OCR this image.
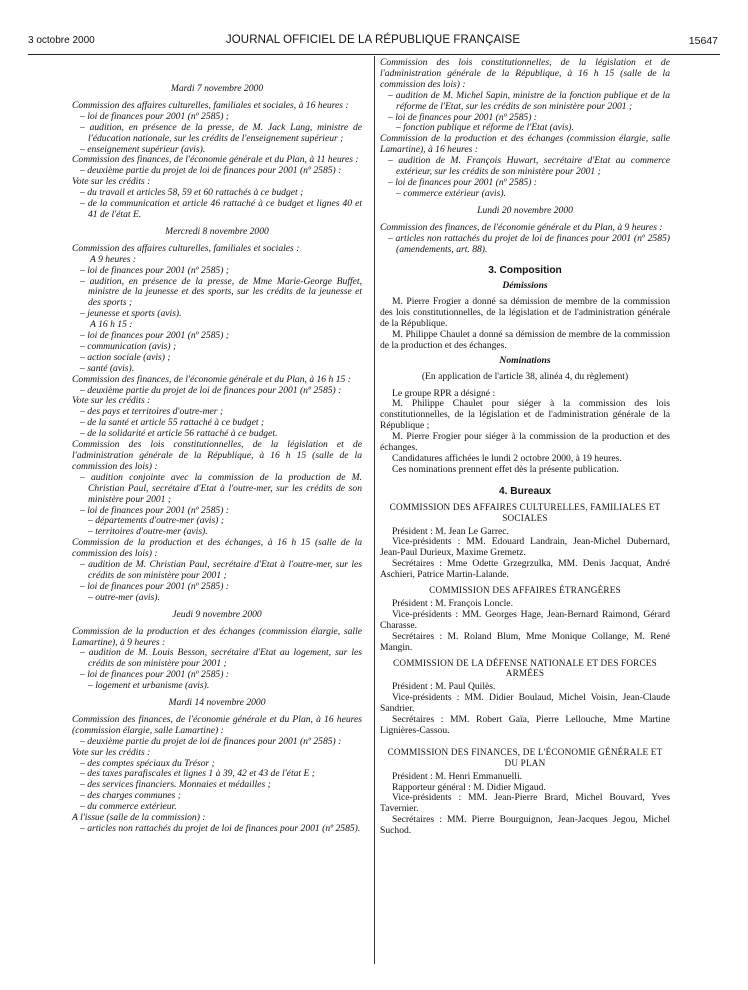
3 octobre 2000	JOURNAL OFFICIEL DE LA RÉPUBLIQUE FRANÇAISE	15647
Mardi 7 novembre 2000
Commission des affaires culturelles, familiales et sociales, à 16 heures :
– loi de finances pour 2001 (nº 2585) ;
– audition, en présence de la presse, de M. Jack Lang, ministre de l'éducation nationale, sur les crédits de l'enseignement supérieur ;
– enseignement supérieur (avis).
Commission des finances, de l'économie générale et du Plan, à 11 heures :
– deuxième partie du projet de loi de finances pour 2001 (nº 2585) :
Vote sur les crédits :
– du travail et articles 58, 59 et 60 rattachés à ce budget ;
– de la communication et article 46 rattaché à ce budget et lignes 40 et 41 de l'état E.
Mercredi 8 novembre 2000
Commission des affaires culturelles, familiales et sociales :
A 9 heures :
– loi de finances pour 2001 (nº 2585) ;
– audition, en présence de la presse, de Mme Marie-George Buffet, ministre de la jeunesse et des sports, sur les crédits de la jeunesse et des sports ;
– jeunesse et sports (avis).
A 16 h 15 :
– loi de finances pour 2001 (nº 2585) ;
– communication (avis) ;
– action sociale (avis) ;
– santé (avis).
Commission des finances, de l'économie générale et du Plan, à 16 h 15 :
– deuxième partie du projet de loi de finances pour 2001 (nº 2585) :
Vote sur les crédits :
– des pays et territoires d'outre-mer ;
– de la santé et article 55 rattaché à ce budget ;
– de la solidarité et article 56 rattaché à ce budget.
Commission des lois constitutionnelles, de la législation et de l'administration générale de la République, à 16 h 15 (salle de la commission des lois) :
– audition conjointe avec la commission de la production de M. Christian Paul, secrétaire d'Etat à l'outre-mer, sur les crédits de son ministère pour 2001 ;
– loi de finances pour 2001 (nº 2585) :
– départements d'outre-mer (avis) ;
– territoires d'outre-mer (avis).
Commission de la production et des échanges, à 16 h 15 (salle de la commission des lois) :
– audition de M. Christian Paul, secrétaire d'Etat à l'outre-mer, sur les crédits de son ministère pour 2001 ;
– loi de finances pour 2001 (nº 2585) :
– outre-mer (avis).
Jeudi 9 novembre 2000
Commission de la production et des échanges (commission élargie, salle Lamartine), à 9 heures :
– audition de M. Louis Besson, secrétaire d'Etat au logement, sur les crédits de son ministère pour 2001 ;
– loi de finances pour 2001 (nº 2585) :
– logement et urbanisme (avis).
Mardi 14 novembre 2000
Commission des finances, de l'économie générale et du Plan, à 16 heures (commission élargie, salle Lamartine) :
– deuxième partie du projet de loi de finances pour 2001 (nº 2585) :
Vote sur les crédits :
– des comptes spéciaux du Trésor ;
– des taxes parafiscales et lignes 1 à 39, 42 et 43 de l'état E ;
– des services financiers. Monnaies et médailles ;
– des charges communes ;
– du commerce extérieur.
A l'issue (salle de la commission) :
– articles non rattachés du projet de loi de finances pour 2001 (nº 2585).
Commission des lois constitutionnelles, de la législation et de l'administration générale de la République, à 16 h 15 (salle de la commission des lois) :
– audition de M. Michel Sapin, ministre de la fonction publique et de la réforme de l'Etat, sur les crédits de son ministère pour 2001 ;
– loi de finances pour 2001 (nº 2585) :
– fonction publique et réforme de l'Etat (avis).
Commission de la production et des échanges (commission élargie, salle Lamartine), à 16 heures :
– audition de M. François Huwart, secrétaire d'Etat au commerce extérieur, sur les crédits de son ministère pour 2001 ;
– loi de finances pour 2001 (nº 2585) :
– commerce extérieur (avis).
Lundi 20 novembre 2000
Commission des finances, de l'économie générale et du Plan, à 9 heures :
– articles non rattachés du projet de loi de finances pour 2001 (nº 2585) (amendements, art. 88).
3. Composition
Démissions
M. Pierre Frogier a donné sa démission de membre de la commission des lois constitutionnelles, de la législation et de l'administration générale de la République.
M. Philippe Chaulet a donné sa démission de membre de la commission de la production et des échanges.
Nominations
(En application de l'article 38, alinéa 4, du règlement)
Le groupe RPR a désigné :
M. Philippe Chaulet pour siéger à la commission des lois constitutionnelles, de la législation et de l'administration générale de la République ;
M. Pierre Frogier pour siéger à la commission de la production et des échanges.
Candidatures affichées le lundi 2 octobre 2000, à 19 heures.
Ces nominations prennent effet dès la présente publication.
4. Bureaux
COMMISSION DES AFFAIRES CULTURELLES, FAMILIALES ET SOCIALES
Président : M. Jean Le Garrec.
Vice-présidents : MM. Edouard Landrain, Jean-Michel Dubernard, Jean-Paul Durieux, Maxime Gremetz.
Secrétaires : Mme Odette Grzegrzulka, MM. Denis Jacquat, André Aschieri, Patrice Martin-Lalande.
COMMISSION DES AFFAIRES ÉTRANGÈRES
Président : M. François Loncle.
Vice-présidents : MM. Georges Hage, Jean-Bernard Raimond, Gérard Charasse.
Secrétaires : M. Roland Blum, Mme Monique Collange, M. René Mangin.
COMMISSION DE LA DÉFENSE NATIONALE ET DES FORCES ARMÉES
Président : M. Paul Quilès.
Vice-présidents : MM. Didier Boulaud, Michel Voisin, Jean-Claude Sandrier.
Secrétaires : MM. Robert Gaïa, Pierre Lellouche, Mme Martine Lignières-Cassou.
COMMISSION DES FINANCES, DE L'ÉCONOMIE GÉNÉRALE ET DU PLAN
Président : M. Henri Emmanuelli.
Rapporteur général : M. Didier Migaud.
Vice-présidents : MM. Jean-Pierre Brard, Michel Bouvard, Yves Tavernier.
Secrétaires : MM. Pierre Bourguignon, Jean-Jacques Jegou, Michel Suchod.
